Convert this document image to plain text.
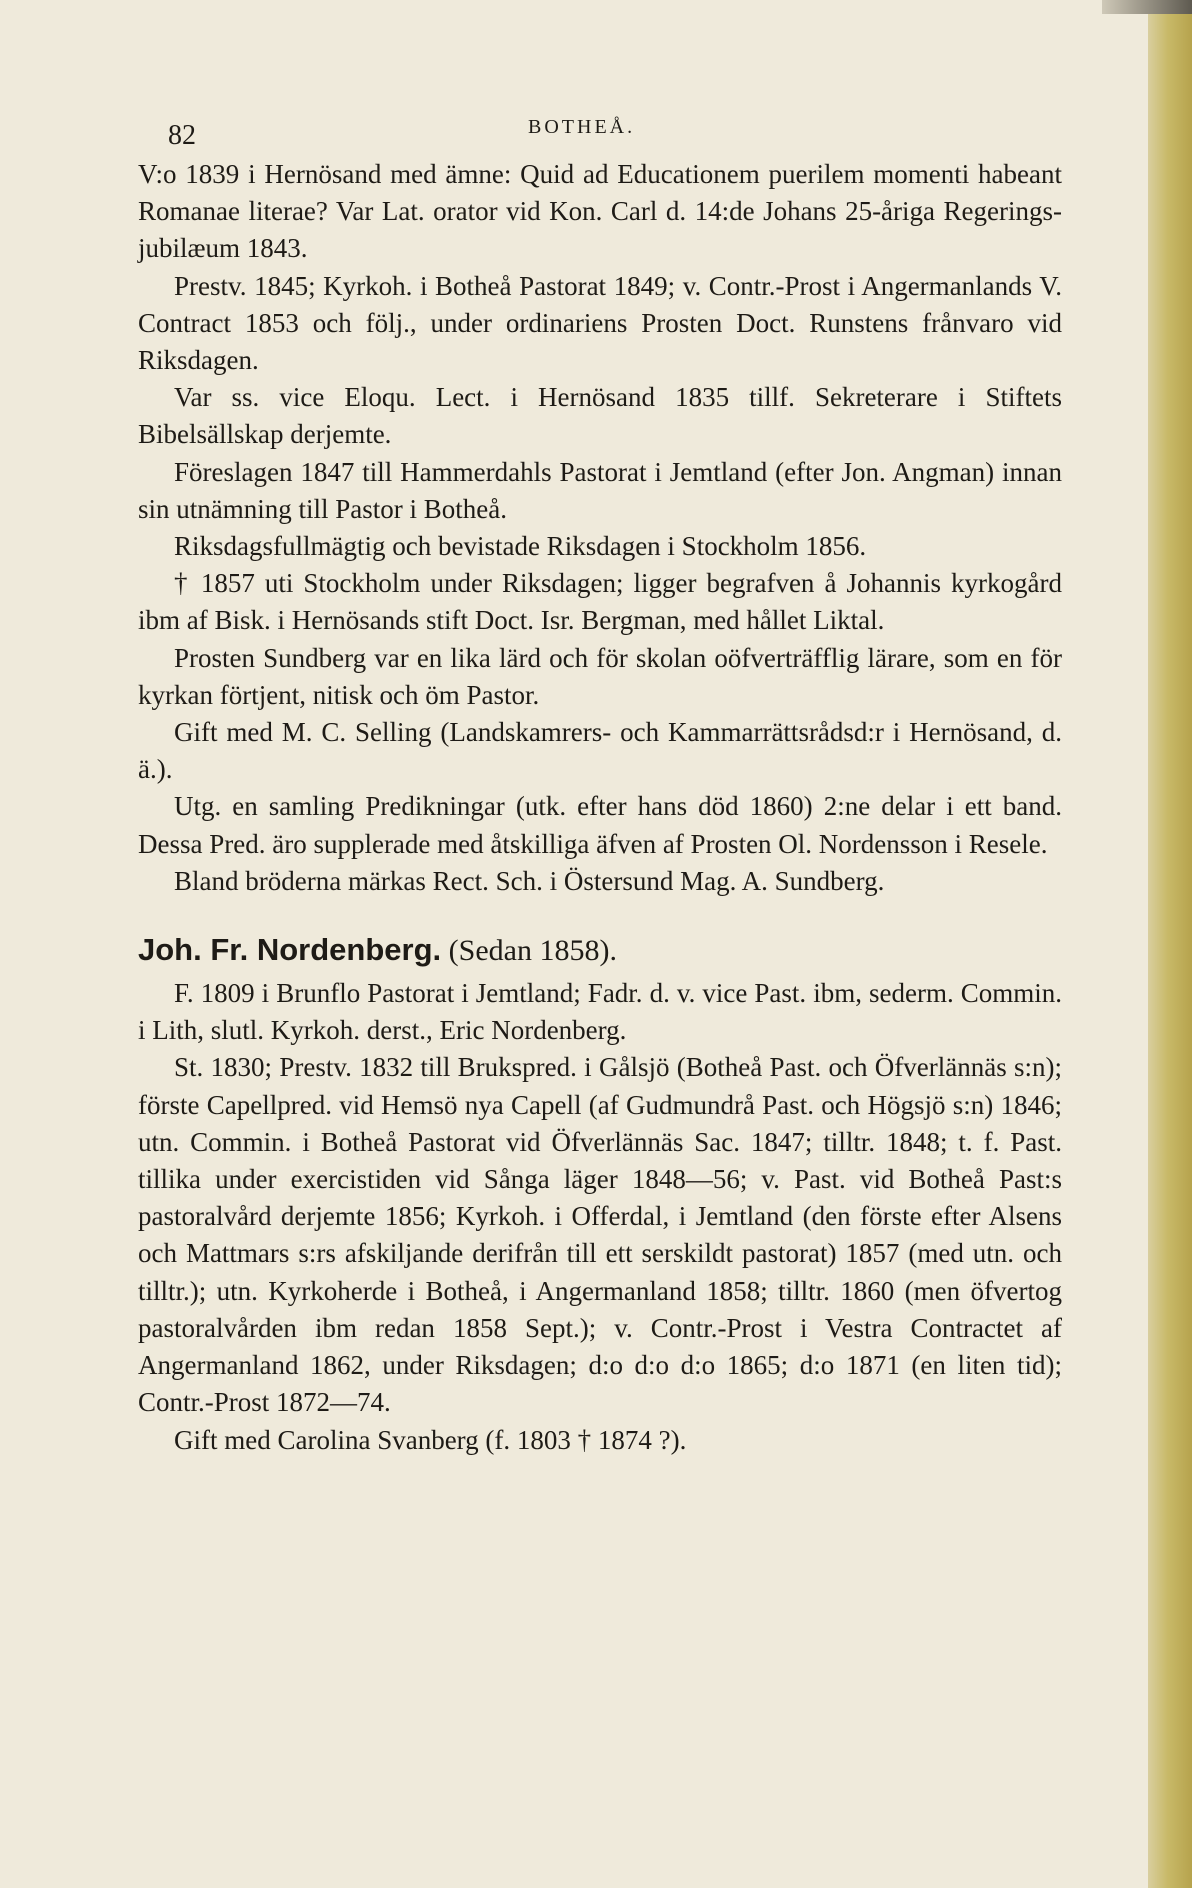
82	BOTHEÅ.

V:o 1839 i Hernösand med ämne: Quid ad Educationem puerilem momenti habeant Romanae literae? Var Lat. orator vid Kon. Carl d. 14:de Johans 25-åriga Regerings-jubilæum 1843.

Prestv. 1845; Kyrkoh. i Botheå Pastorat 1849; v. Contr.-Prost i Angermanlands V. Contract 1853 och följ., under ordinariens Prosten Doct. Runstens frånvaro vid Riksdagen.

Var ss. vice Eloqu. Lect. i Hernösand 1835 tillf. Sekreterare i Stiftets Bibelsällskap derjemte.

Föreslagen 1847 till Hammerdahls Pastorat i Jemtland (efter Jon. Angman) innan sin utnämning till Pastor i Botheå.

Riksdagsfullmägtig och bevistade Riksdagen i Stockholm 1856.

† 1857 uti Stockholm under Riksdagen; ligger begrafven å Johannis kyrkogård ibm af Bisk. i Hernösands stift Doct. Isr. Bergman, med hållet Liktal.

Prosten Sundberg var en lika lärd och för skolan oöfverträfflig lärare, som en för kyrkan förtjent, nitisk och öm Pastor.

Gift med M. C. Selling (Landskamrers- och Kammarrättsrådsd:r i Hernösand, d. ä.).

Utg. en samling Predikningar (utk. efter hans död 1860) 2:ne delar i ett band. Dessa Pred. äro supplerade med åtskilliga äfven af Prosten Ol. Nordensson i Resele.

Bland bröderna märkas Rect. Sch. i Östersund Mag. A. Sundberg.

Joh. Fr. Nordenberg. (Sedan 1858).

F. 1809 i Brunflo Pastorat i Jemtland; Fadr. d. v. vice Past. ibm, sederm. Commin. i Lith, slutl. Kyrkoh. derst., Eric Nordenberg.

St. 1830; Prestv. 1832 till Brukspred. i Gålsjö (Botheå Past. och Öfverlännäs s:n); förste Capellpred. vid Hemsö nya Capell (af Gudmundrå Past. och Högsjö s:n) 1846; utn. Commin. i Botheå Pastorat vid Öfverlännäs Sac. 1847; tilltr. 1848; t. f. Past. tillika under exercistiden vid Sånga läger 1848—56; v. Past. vid Botheå Past:s pastoralvård derjemte 1856; Kyrkoh. i Offerdal, i Jemtland (den förste efter Alsens och Mattmars s:rs afskiljande derifrån till ett serskildt pastorat) 1857 (med utn. och tilltr.); utn. Kyrkoherde i Botheå, i Angermanland 1858; tilltr. 1860 (men öfvertog pastoralvården ibm redan 1858 Sept.); v. Contr.-Prost i Vestra Contractet af Angermanland 1862, under Riksdagen; d:o d:o d:o 1865; d:o 1871 (en liten tid); Contr.-Prost 1872—74.

Gift med Carolina Svanberg (f. 1803 † 1874 ?).
